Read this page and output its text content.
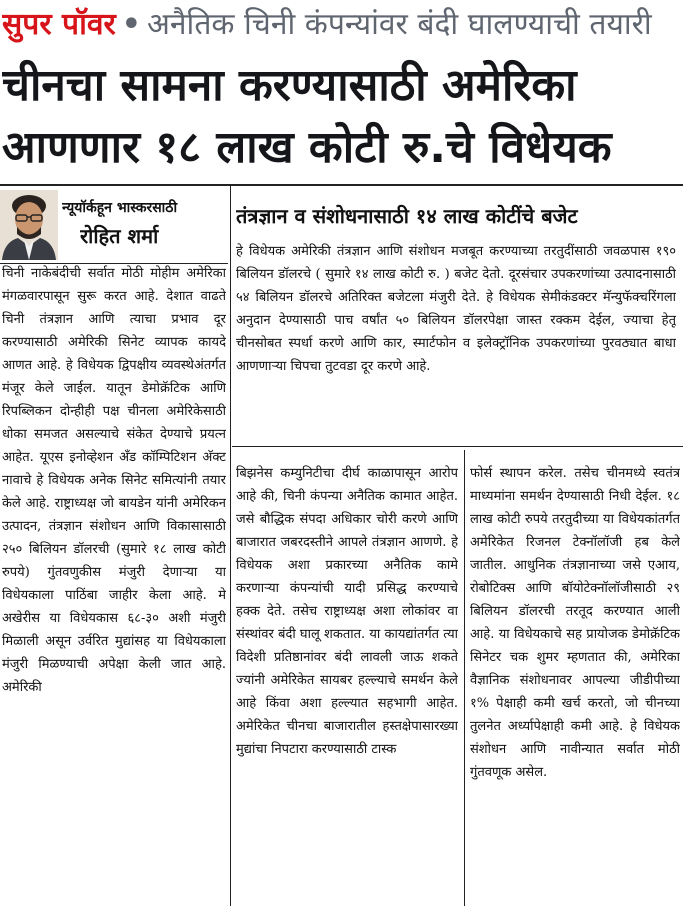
सुपर पॉवर • अनैतिक चिनी कंपन्यांवर बंदी घालण्याची तयारी
चीनचा सामना करण्यासाठी अमेरिका
आणणार १८ लाख कोटी रु.चे विधेयक
न्यूयॉर्कहून भास्करसाठी
रोहित शर्मा
तंत्रज्ञान व संशोधनासाठी १४ लाख कोटींचे बजेट
हे विधेयक अमेरिकी तंत्रज्ञान आणि संशोधन मजबूत करण्याच्या तरतुदींसाठी जवळपास १९० बिलियन डॉलरचे ( सुमारे १४ लाख कोटी रु. ) बजेट देतो. दूरसंचार उपकरणांच्या उत्पादनासाठी ५४ बिलियन डॉलरचे अतिरिक्त बजेटला मंजुरी देते. हे विधेयक सेमीकंडक्टर मॅन्युफॅक्चरिंगला अनुदान देण्यासाठी पाच वर्षांत ५० बिलियन डॉलरपेक्षा जास्त रक्कम देईल, ज्याचा हेतू चीनसोबत स्पर्धा करणे आणि कार, स्मार्टफोन व इलेक्ट्रॉनिक उपकरणांच्या पुरवठ्यात बाधा आणणाऱ्या चिपचा तुटवडा दूर करणे आहे.
चिनी नाकेबंदीची सर्वात मोठी मोहीम अमेरिका मंगळवारपासून सुरू करत आहे. देशात वाढते चिनी तंत्रज्ञान आणि त्याचा प्रभाव दूर करण्यासाठी अमेरिकी सिनेट व्यापक कायदे आणत आहे. हे विधेयक द्विपक्षीय व्यवस्थेअंतर्गत मंजूर केले जाईल. यातून डेमोक्रॅटिक आणि रिपब्लिकन दोन्हीही पक्ष चीनला अमेरिकेसाठी धोका समजत असल्याचे संकेत देण्याचे प्रयत्न आहेत. यूएस इनोव्हेशन अँड कॉम्पिटिशन अ‍ॅक्ट नावाचे हे विधेयक अनेक सिनेट समित्यांनी तयार केले आहे. राष्ट्राध्यक्ष जो बायडेन यांनी अमेरिकन उत्पादन, तंत्रज्ञान संशोधन आणि विकासासाठी २५० बिलियन डॉलरची (सुमारे १८ लाख कोटी रुपये) गुंतवणुकीस मंजुरी देणाऱ्या या विधेयकाला पाठिंबा जाहीर केला आहे. मे अखेरीस या विधेयकास ६८-३० अशी मंजुरी मिळाली असून उर्वरित मुद्यांसह या विधेयकाला मंजुरी मिळण्याची अपेक्षा केली जात आहे. अमेरिकी
बिझनेस कम्युनिटीचा दीर्घ काळापासून आरोप आहे की, चिनी कंपन्या अनैतिक कामात आहेत. जसे बौद्धिक संपदा अधिकार चोरी करणे आणि बाजारात जबरदस्तीने आपले तंत्रज्ञान आणणे. हे विधेयक अशा प्रकारच्या अनैतिक कामे करणाऱ्या कंपन्यांची यादी प्रसिद्ध करण्याचे हक्क देते. तसेच राष्ट्राध्यक्ष अशा लोकांवर वा संस्थांवर बंदी घालू शकतात. या कायद्यांतर्गत त्या विदेशी प्रतिष्ठानांवर बंदी लावली जाऊ शकते ज्यांनी अमेरिकेत सायबर हल्ल्याचे समर्थन केले आहे किंवा अशा हल्ल्यात सहभागी आहेत. अमेरिकेत चीनचा बाजारातील हस्तक्षेपासारख्या मुद्यांचा निपटारा करण्यासाठी टास्क
फोर्स स्थापन करेल. तसेच चीनमध्ये स्वतंत्र माध्यमांना समर्थन देण्यासाठी निधी देईल. १८ लाख कोटी रुपये तरतुदीच्या या विधेयकांतर्गत अमेरिकेत रिजनल टेक्नॉलॉजी हब केले जातील. आधुनिक तंत्रज्ञानाच्या जसे एआय, रोबोटिक्स आणि बॉयोटेक्नॉलॉजीसाठी २९ बिलियन डॉलरची तरतूद करण्यात आली आहे. या विधेयकाचे सह प्रायोजक डेमोक्रॅटिक सिनेटर चक शुमर म्हणतात की, अमेरिका वैज्ञानिक संशोधनावर आपल्या जीडीपीच्या १% पेक्षाही कमी खर्च करतो, जो चीनच्या तुलनेत अर्ध्यापेक्षाही कमी आहे. हे विधेयक संशोधन आणि नावीन्यात सर्वात मोठी गुंतवणूक असेल.
